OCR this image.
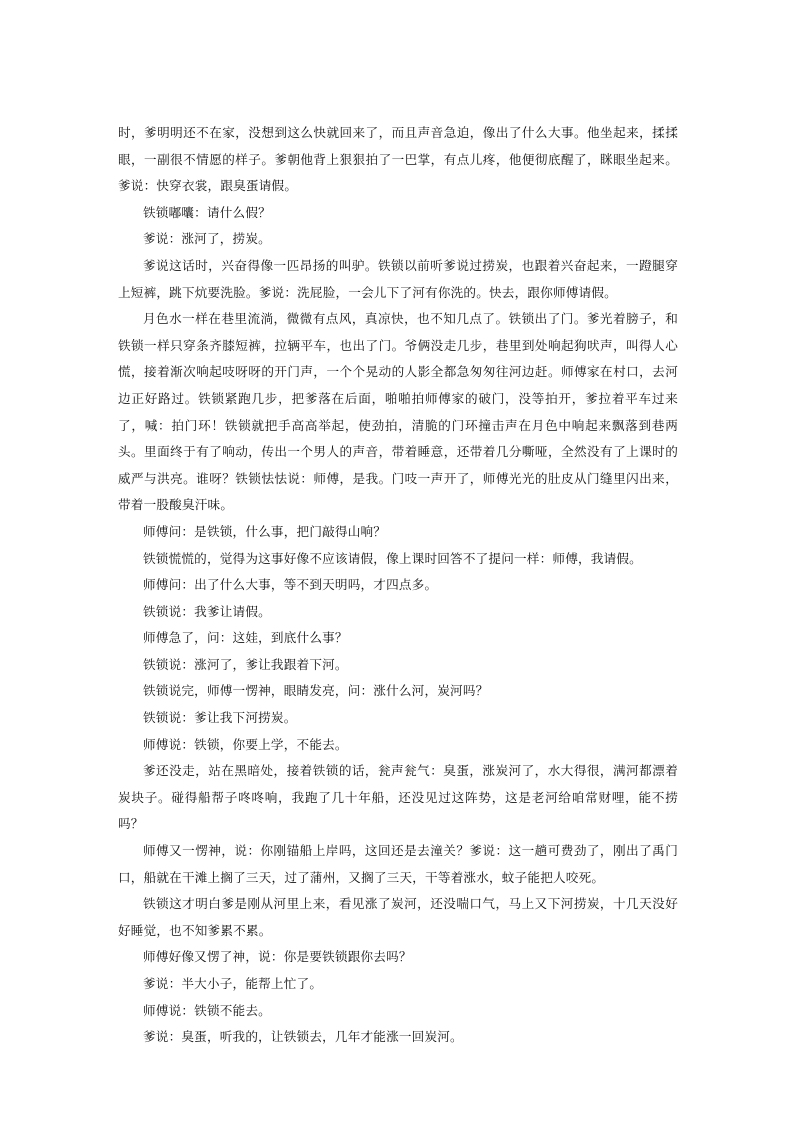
时，爹明明还不在家，没想到这么快就回来了，而且声音急迫，像出了什么大事。他坐起来，揉揉眼，一副很不情愿的样子。爹朝他背上狠狠拍了一巴掌，有点儿疼，他便彻底醒了，眯眼坐起来。爹说：快穿衣裳，跟臭蛋请假。

铁锁嘟囔：请什么假？

爹说：涨河了，捞炭。

爹说这话时，兴奋得像一匹昂扬的叫驴。铁锁以前听爹说过捞炭，也跟着兴奋起来，一蹬腿穿上短裤，跳下炕要洗脸。爹说：洗屁脸，一会儿下了河有你洗的。快去，跟你师傅请假。

月色水一样在巷里流淌，微微有点风，真凉快，也不知几点了。铁锁出了门。爹光着膀子，和铁锁一样只穿条齐膝短裤，拉辆平车，也出了门。爷俩没走几步，巷里到处响起狗吠声，叫得人心慌，接着渐次响起吱呀呀的开门声，一个个晃动的人影全都急匆匆往河边赶。师傅家在村口，去河边正好路过。铁锁紧跑几步，把爹落在后面，啪啪拍师傅家的破门，没等拍开，爹拉着平车过来了，喊：拍门环！铁锁就把手高高举起，使劲拍，清脆的门环撞击声在月色中响起来飘落到巷两头。里面终于有了响动，传出一个男人的声音，带着睡意，还带着几分嘶哑，全然没有了上课时的威严与洪亮。谁呀？铁锁怯怯说：师傅，是我。门吱一声开了，师傅光光的肚皮从门缝里闪出来，带着一股酸臭汗味。

师傅问：是铁锁，什么事，把门敲得山响？

铁锁慌慌的，觉得为这事好像不应该请假，像上课时回答不了提问一样：师傅，我请假。

师傅问：出了什么大事，等不到天明吗，才四点多。

铁锁说：我爹让请假。

师傅急了，问：这娃，到底什么事？

铁锁说：涨河了，爹让我跟着下河。

铁锁说完，师傅一愣神，眼睛发亮，问：涨什么河，炭河吗？

铁锁说：爹让我下河捞炭。

师傅说：铁锁，你要上学，不能去。

爹还没走，站在黑暗处，接着铁锁的话，瓮声瓮气：臭蛋，涨炭河了，水大得很，满河都漂着炭块子。碰得船帮子咚咚响，我跑了几十年船，还没见过这阵势，这是老河给咱常财哩，能不捞吗？

师傅又一愣神，说：你刚锚船上岸吗，这回还是去潼关？爹说：这一趟可费劲了，刚出了禹门口，船就在干滩上搁了三天，过了蒲州，又搁了三天，干等着涨水，蚊子能把人咬死。

铁锁这才明白爹是刚从河里上来，看见涨了炭河，还没喘口气，马上又下河捞炭，十几天没好好睡觉，也不知爹累不累。

师傅好像又愣了神，说：你是要铁锁跟你去吗？

爹说：半大小子，能帮上忙了。

师傅说：铁锁不能去。

爹说：臭蛋，听我的，让铁锁去，几年才能涨一回炭河。
